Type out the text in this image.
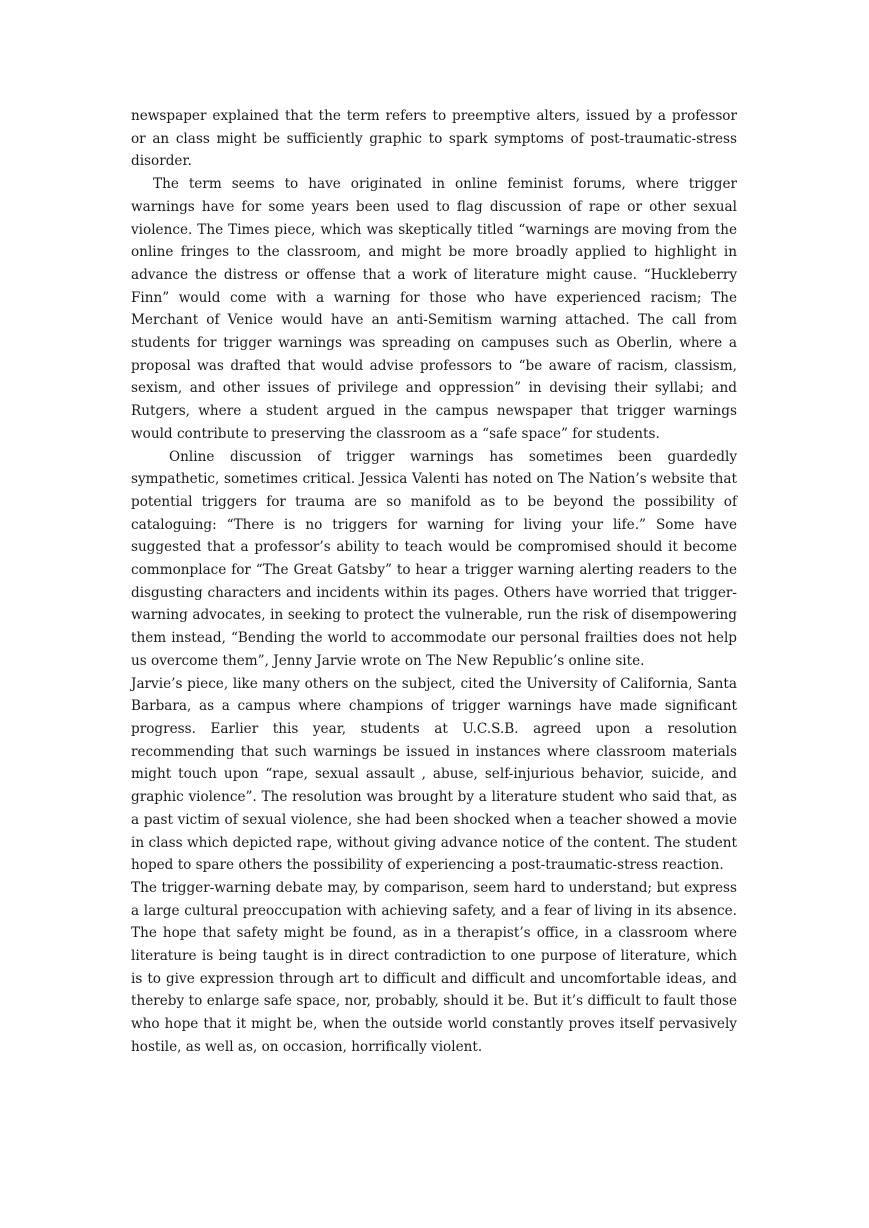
newspaper explained that the term refers to preemptive alters, issued by a professor or an class might be sufficiently graphic to spark symptoms of post-traumatic-stress disorder.

The term seems to have originated in online feminist forums, where trigger warnings have for some years been used to flag discussion of rape or other sexual violence. The Times piece, which was skeptically titled “warnings are moving from the online fringes to the classroom, and might be more broadly applied to highlight in advance the distress or offense that a work of literature might cause. “Huckleberry Finn” would come with a warning for those who have experienced racism; The Merchant of Venice would have an anti-Semitism warning attached. The call from students for trigger warnings was spreading on campuses such as Oberlin, where a proposal was drafted that would advise professors to “be aware of racism, classism, sexism, and other issues of privilege and oppression” in devising their syllabi; and Rutgers, where a student argued in the campus newspaper that trigger warnings would contribute to preserving the classroom as a “safe space” for students.

Online discussion of trigger warnings has sometimes been guardedly sympathetic, sometimes critical. Jessica Valenti has noted on The Nation’s website that potential triggers for trauma are so manifold as to be beyond the possibility of cataloguing: “There is no triggers for warning for living your life.” Some have suggested that a professor’s ability to teach would be compromised should it become commonplace for “The Great Gatsby” to hear a trigger warning alerting readers to the disgusting characters and incidents within its pages. Others have worried that trigger-warning advocates, in seeking to protect the vulnerable, run the risk of disempowering them instead, “Bending the world to accommodate our personal frailties does not help us overcome them”, Jenny Jarvie wrote on The New Republic’s online site.

Jarvie’s piece, like many others on the subject, cited the University of California, Santa Barbara, as a campus where champions of trigger warnings have made significant progress. Earlier this year, students at U.C.S.B. agreed upon a resolution recommending that such warnings be issued in instances where classroom materials might touch upon “rape, sexual assault , abuse, self-injurious behavior, suicide, and graphic violence”. The resolution was brought by a literature student who said that, as a past victim of sexual violence, she had been shocked when a teacher showed a movie in class which depicted rape, without giving advance notice of the content. The student hoped to spare others the possibility of experiencing a post-traumatic-stress reaction.

The trigger-warning debate may, by comparison, seem hard to understand; but express a large cultural preoccupation with achieving safety, and a fear of living in its absence. The hope that safety might be found, as in a therapist’s office, in a classroom where literature is being taught is in direct contradiction to one purpose of literature, which is to give expression through art to difficult and difficult and uncomfortable ideas, and thereby to enlarge safe space, nor, probably, should it be. But it’s difficult to fault those who hope that it might be, when the outside world constantly proves itself pervasively hostile, as well as, on occasion, horrifically violent.
